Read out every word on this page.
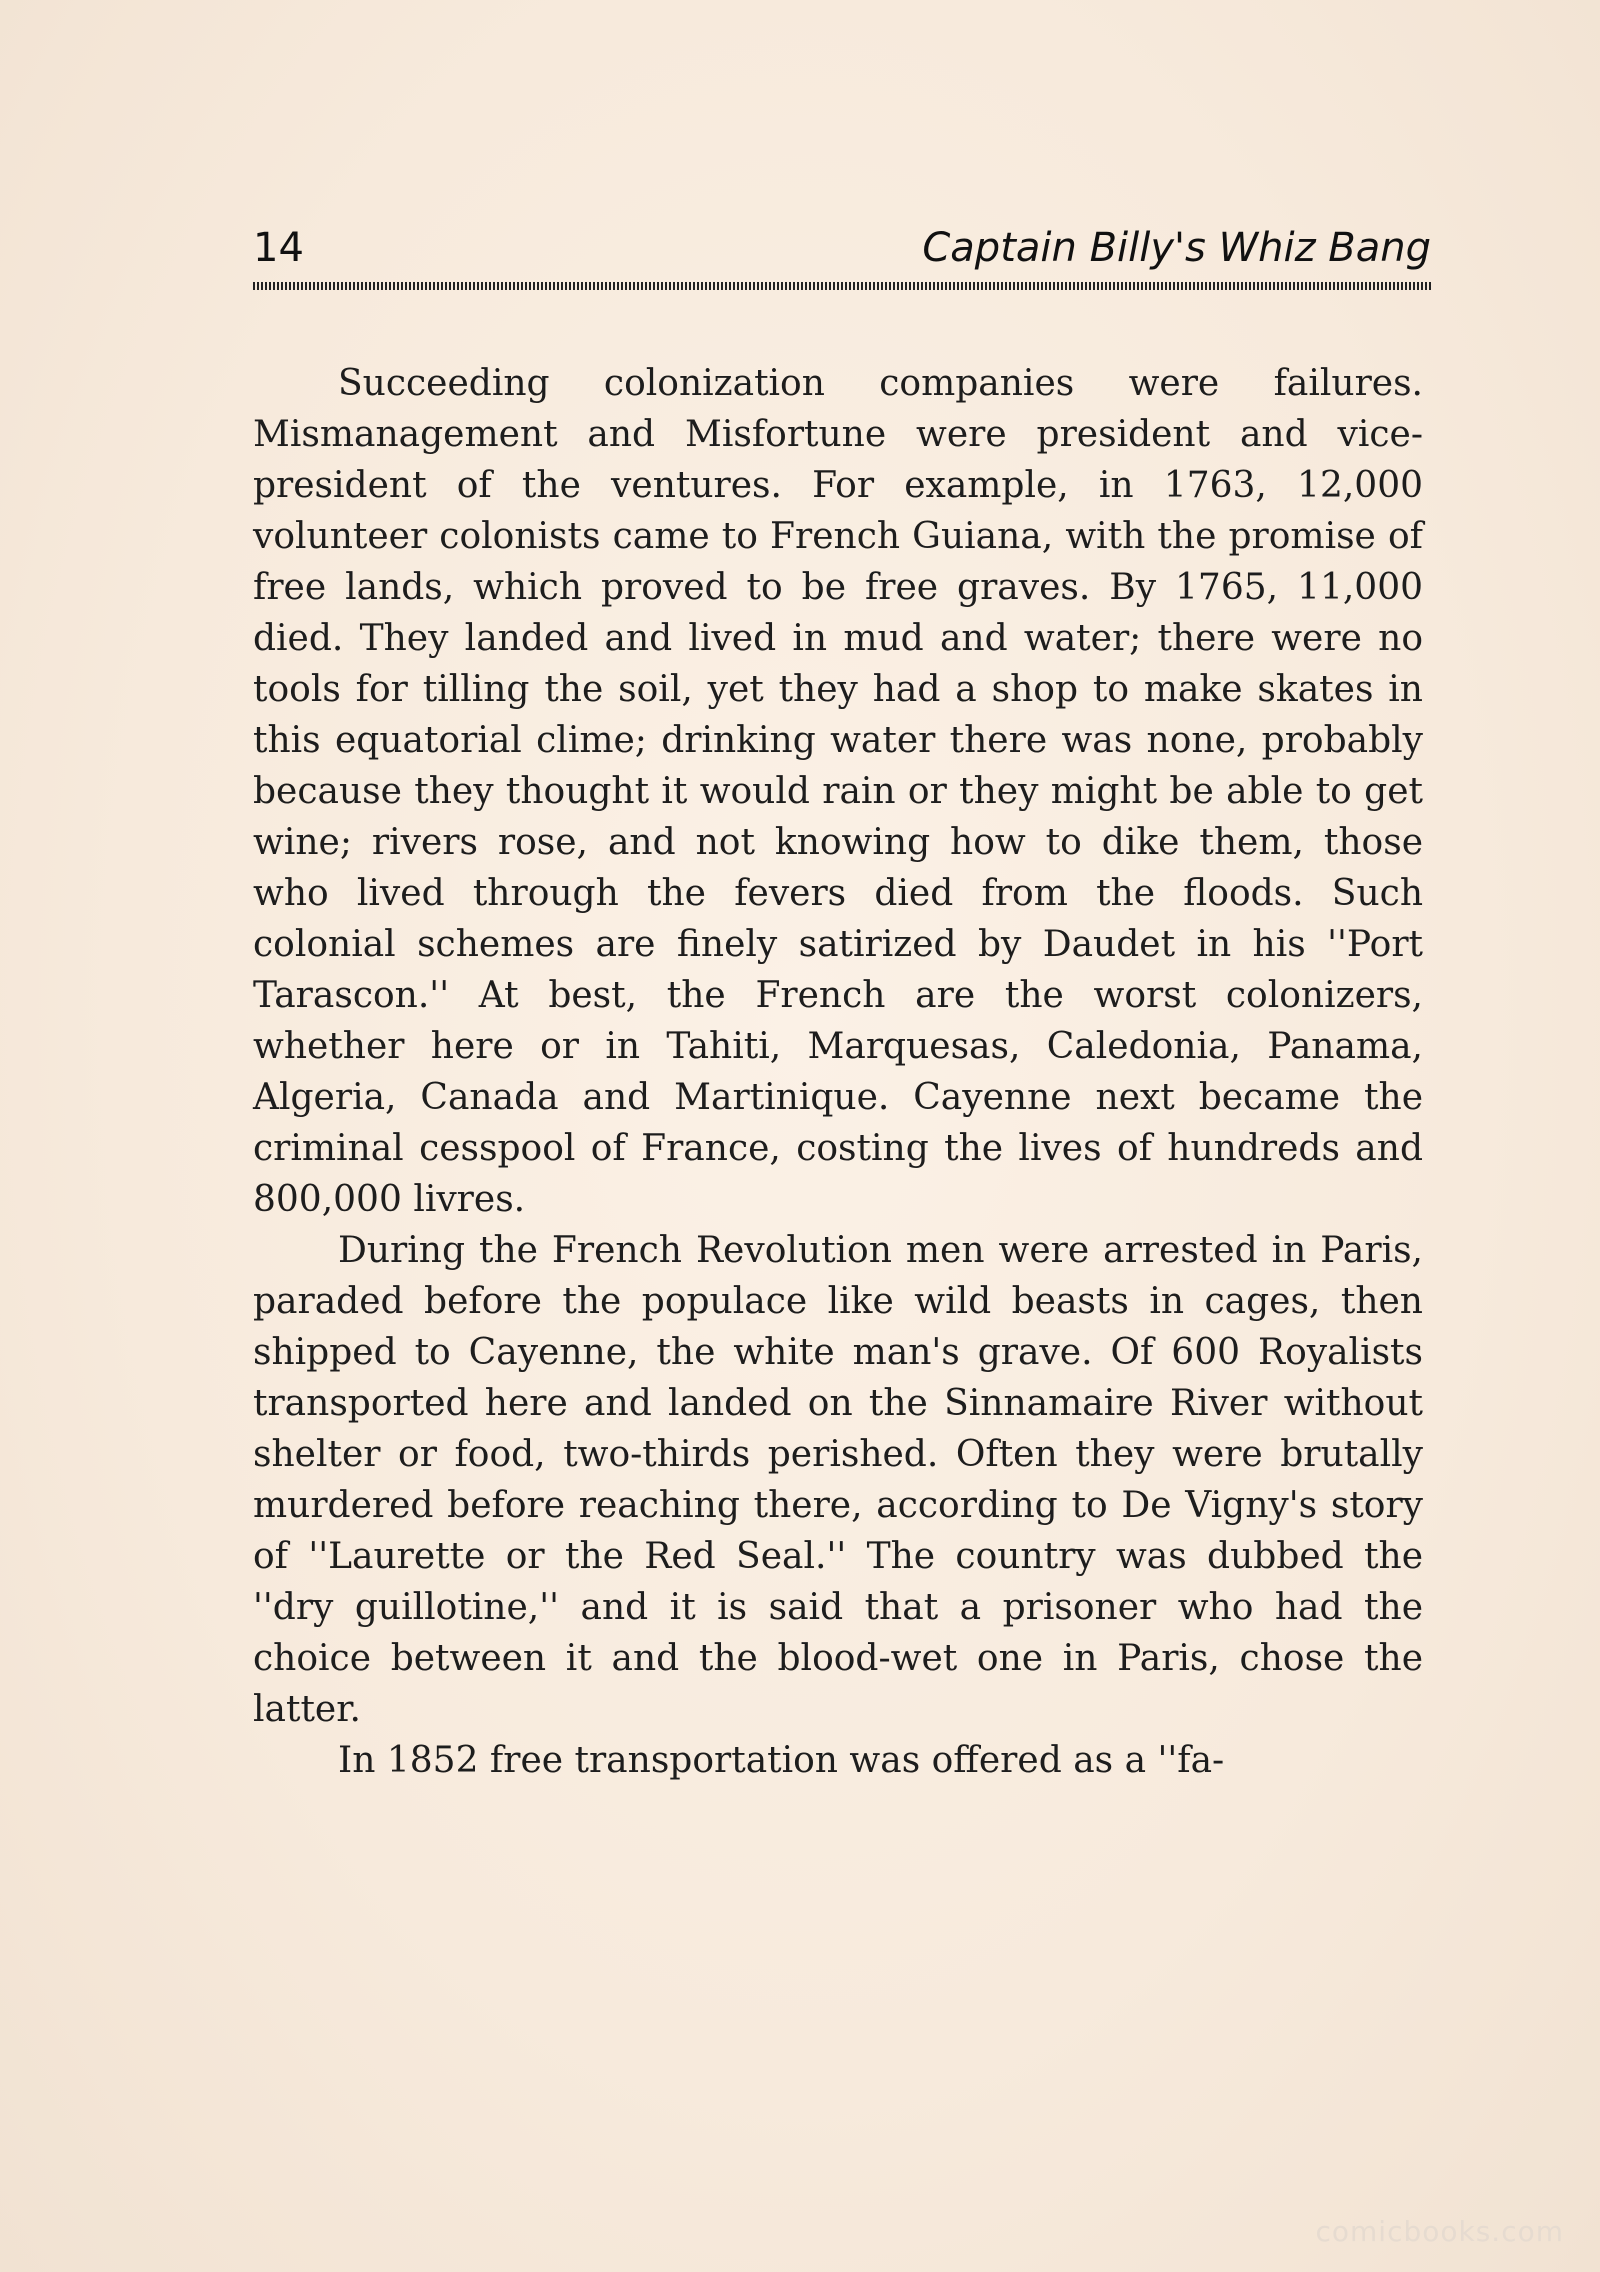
14	Captain Billy's Whiz Bang

Succeeding colonization companies were failures. Mismanagement and Misfortune were president and vice-president of the ventures. For example, in 1763, 12,000 volunteer colonists came to French Guiana, with the promise of free lands, which proved to be free graves. By 1765, 11,000 died. They landed and lived in mud and water; there were no tools for tilling the soil, yet they had a shop to make skates in this equatorial clime; drinking water there was none, probably because they thought it would rain or they might be able to get wine; rivers rose, and not knowing how to dike them, those who lived through the fevers died from the floods. Such colonial schemes are finely satirized by Daudet in his ''Port Tarascon.'' At best, the French are the worst colonizers, whether here or in Tahiti, Marquesas, Caledonia, Panama, Algeria, Canada and Martinique. Cayenne next became the criminal cesspool of France, costing the lives of hundreds and 800,000 livres.

During the French Revolution men were arrested in Paris, paraded before the populace like wild beasts in cages, then shipped to Cayenne, the white man's grave. Of 600 Royalists transported here and landed on the Sinnamaire River without shelter or food, two-thirds perished. Often they were brutally murdered before reaching there, according to De Vigny's story of ''Laurette or the Red Seal.'' The country was dubbed the ''dry guillotine,'' and it is said that a prisoner who had the choice between it and the blood-wet one in Paris, chose the latter.

In 1852 free transportation was offered as a ''fa-

comicbooks.com
